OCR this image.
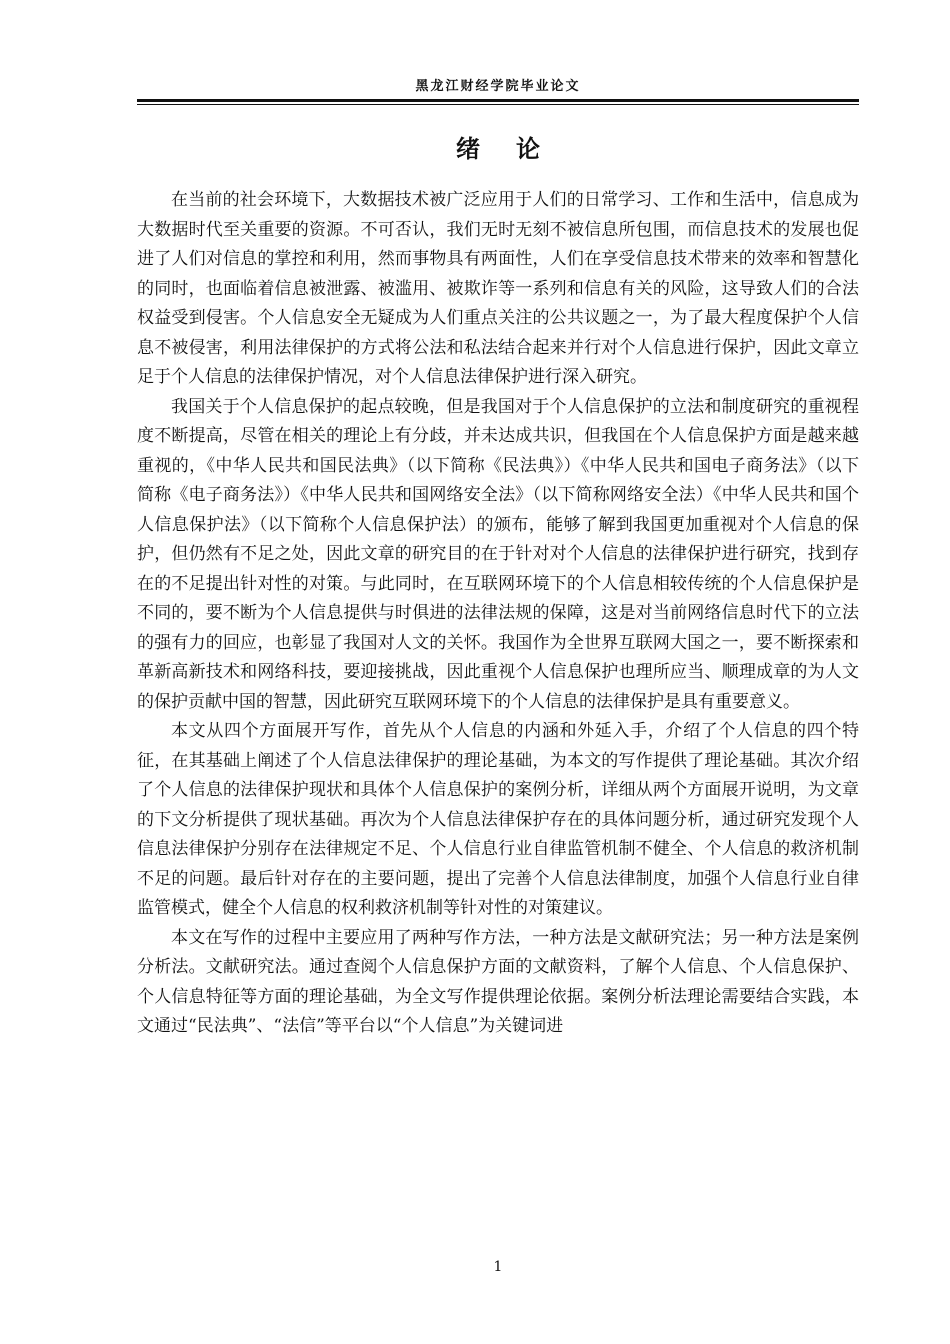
黑龙江财经学院毕业论文
绪论

在当前的社会环境下，大数据技术被广泛应用于人们的日常学习、工作和生活中，信息成为大数据时代至关重要的资源。不可否认，我们无时无刻不被信息所包围，而信息技术的发展也促进了人们对信息的掌控和利用，然而事物具有两面性，人们在享受信息技术带来的效率和智慧化的同时，也面临着信息被泄露、被滥用、被欺诈等一系列和信息有关的风险，这导致人们的合法权益受到侵害。个人信息安全无疑成为人们重点关注的公共议题之一，为了最大程度保护个人信息不被侵害，利用法律保护的方式将公法和私法结合起来并行对个人信息进行保护，因此文章立足于个人信息的法律保护情况，对个人信息法律保护进行深入研究。

我国关于个人信息保护的起点较晚，但是我国对于个人信息保护的立法和制度研究的重视程度不断提高，尽管在相关的理论上有分歧，并未达成共识，但我国在个人信息保护方面是越来越重视的，《中华人民共和国民法典》（以下简称《民法典》）《中华人民共和国电子商务法》（以下简称《电子商务法》）《中华人民共和国网络安全法》（以下简称网络安全法）《中华人民共和国个人信息保护法》（以下简称个人信息保护法）的颁布，能够了解到我国更加重视对个人信息的保护，但仍然有不足之处，因此文章的研究目的在于针对对个人信息的法律保护进行研究，找到存在的不足提出针对性的对策。与此同时，在互联网环境下的个人信息相较传统的个人信息保护是不同的，要不断为个人信息提供与时俱进的法律法规的保障，这是对当前网络信息时代下的立法的强有力的回应，也彰显了我国对人文的关怀。我国作为全世界互联网大国之一，要不断探索和革新高新技术和网络科技，要迎接挑战，因此重视个人信息保护也理所应当、顺理成章的为人文的保护贡献中国的智慧，因此研究互联网环境下的个人信息的法律保护是具有重要意义。

本文从四个方面展开写作，首先从个人信息的内涵和外延入手，介绍了个人信息的四个特征，在其基础上阐述了个人信息法律保护的理论基础，为本文的写作提供了理论基础。其次介绍了个人信息的法律保护现状和具体个人信息保护的案例分析，详细从两个方面展开说明，为文章的下文分析提供了现状基础。再次为个人信息法律保护存在的具体问题分析，通过研究发现个人信息法律保护分别存在法律规定不足、个人信息行业自律监管机制不健全、个人信息的救济机制不足的问题。最后针对存在的主要问题，提出了完善个人信息法律制度，加强个人信息行业自律监管模式，健全个人信息的权利救济机制等针对性的对策建议。

本文在写作的过程中主要应用了两种写作方法，一种方法是文献研究法；另一种方法是案例分析法。文献研究法。通过查阅个人信息保护方面的文献资料，了解个人信息、个人信息保护、个人信息特征等方面的理论基础，为全文写作提供理论依据。案例分析法理论需要结合实践，本文通过“民法典”、“法信”等平台以“个人信息”为关键词进

1
